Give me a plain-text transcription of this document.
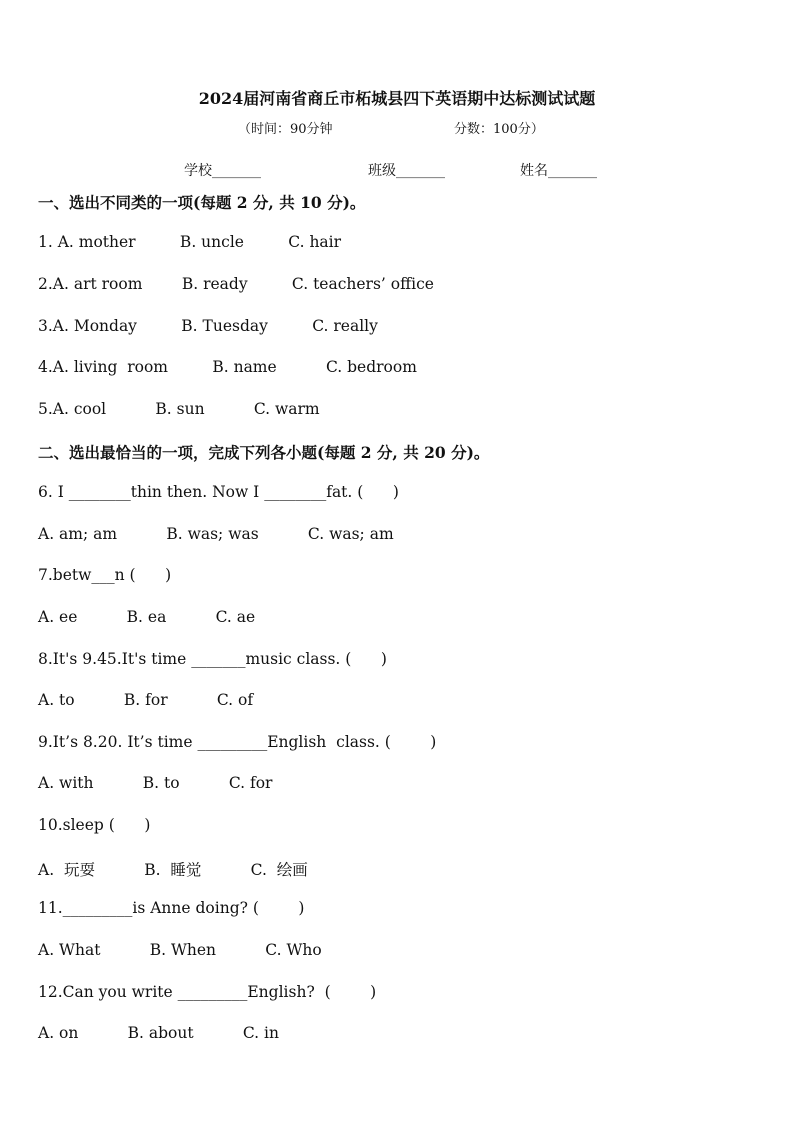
2024届河南省商丘市柘城县四下英语期中达标测试试题
（时间：90分钟	分数：100分）
学校_______	班级_______	姓名_______
一、选出不同类的一项(每题 2 分, 共 10 分)。
1. A. mother         B. uncle         C. hair
2.A. art room        B. ready         C. teachers’ office
3.A. Monday         B. Tuesday         C. really
4.A. living  room         B. name          C. bedroom
5.A. cool          B. sun          C. warm
二、选出最恰当的一项，完成下列各小题(每题 2 分, 共 20 分)。
6. I ________thin then. Now I ________fat. (      )
A. am; am          B. was; was          C. was; am
7.betw___n (      )
A. ee          B. ea          C. ae
8.It's 9.45.It's time _______music class. (      )
A. to          B. for          C. of
9.It’s 8.20. It’s time _________English  class. (        )
A. with          B. to          C. for
10.sleep (      )
A.  玩耍          B.  睡觉          C.  绘画
11._________is Anne doing? (        )
A. What          B. When          C. Who
12.Can you write _________English?  (        )
A. on          B. about          C. in
